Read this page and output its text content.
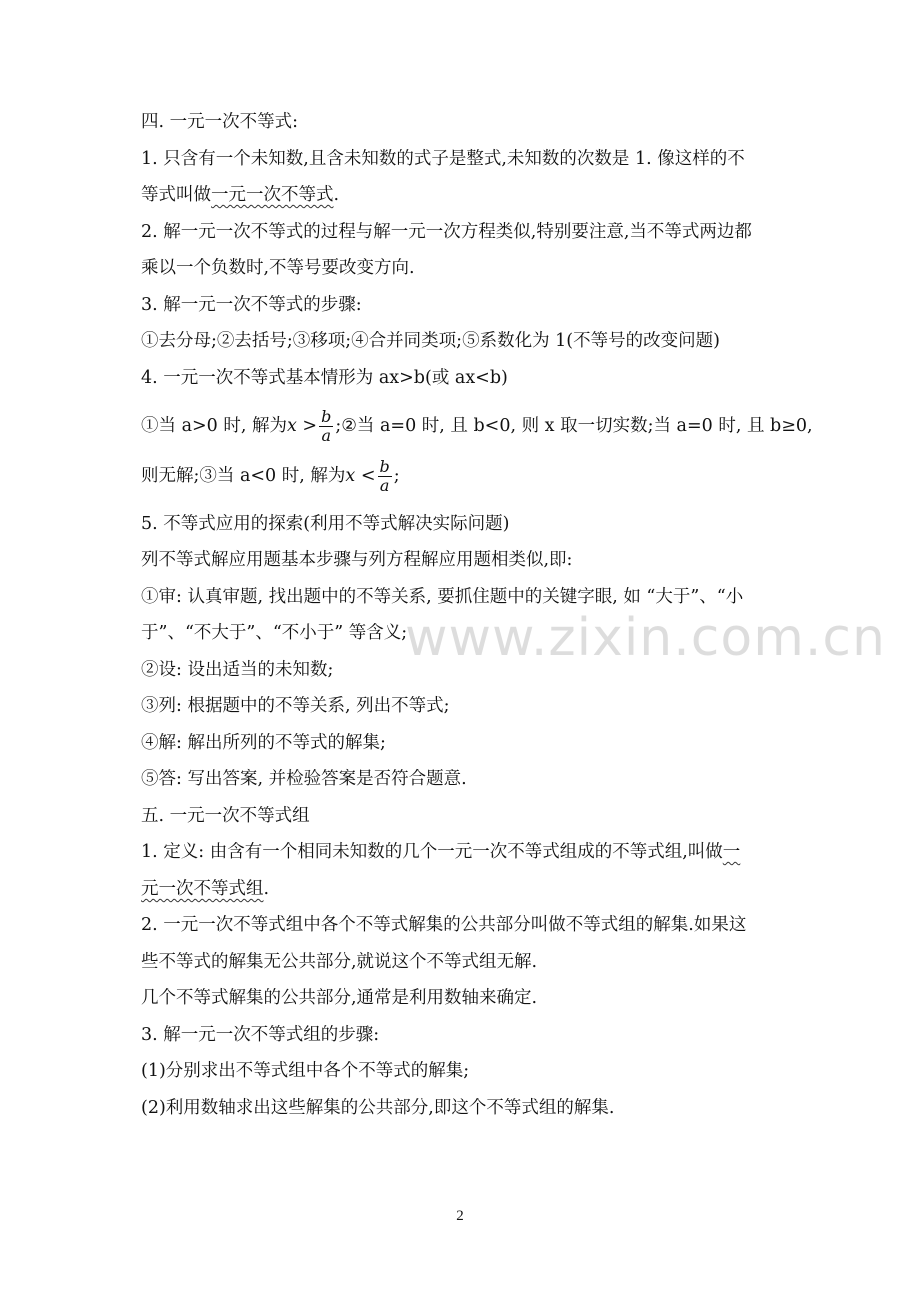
四. 一元一次不等式:

1. 只含有一个未知数,且含未知数的式子是整式,未知数的次数是 1. 像这样的不

等式叫做一元一次不等式.

2. 解一元一次不等式的过程与解一元一次方程类似,特别要注意,当不等式两边都

乘以一个负数时,不等号要改变方向.

3. 解一元一次不等式的步骤:

①去分母;②去括号;③移项;④合并同类项;⑤系数化为 1(不等号的改变问题)

4. 一元一次不等式基本情形为 ax>b(或 ax<b)

①当 a>0 时, 解为$x > \frac{b}{a}$ ;②当 a=0 时, 且 b<0, 则 x 取一切实数;当 a=0 时, 且 b≥0,

则无解;③当 a<0 时, 解为$x < \frac{b}{a}$ ;

5. 不等式应用的探索(利用不等式解决实际问题)

列不等式解应用题基本步骤与列方程解应用题相类似,即:

①审: 认真审题, 找出题中的不等关系, 要抓住题中的关键字眼, 如 “大于”、“小

于”、“不大于”、“不小于” 等含义;

②设: 设出适当的未知数;

③列: 根据题中的不等关系, 列出不等式;

④解: 解出所列的不等式的解集;

⑤答: 写出答案, 并检验答案是否符合题意.

五. 一元一次不等式组

1. 定义: 由含有一个相同未知数的几个一元一次不等式组成的不等式组,叫做一

元一次不等式组.

2. 一元一次不等式组中各个不等式解集的公共部分叫做不等式组的解集.如果这

些不等式的解集无公共部分,就说这个不等式组无解.

几个不等式解集的公共部分,通常是利用数轴来确定.

3. 解一元一次不等式组的步骤:

(1)分别求出不等式组中各个不等式的解集;

(2)利用数轴求出这些解集的公共部分,即这个不等式组的解集.

www.zixin.com.cn
2
